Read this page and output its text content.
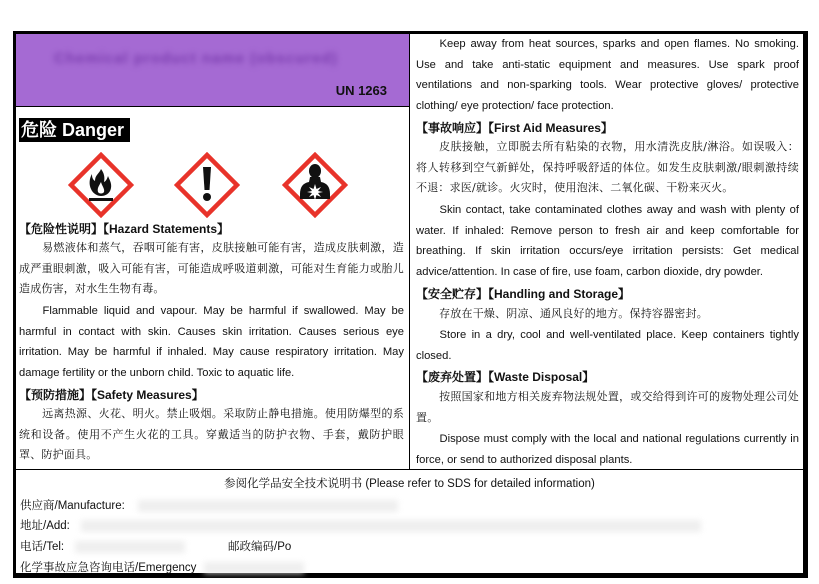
Chemical product name (obscured)
UN 1263
危险 Danger
【危险性说明】【Hazard Statements】
易燃液体和蒸气，吞咽可能有害，皮肤接触可能有害，造成皮肤刺激，造成严重眼刺激，吸入可能有害，可能造成呼吸道刺激，可能对生育能力或胎儿造成伤害，对水生生物有毒。
Flammable liquid and vapour. May be harmful if swallowed. May be harmful in contact with skin. Causes skin irritation. Causes serious eye irritation. May be harmful if inhaled. May cause respiratory irritation. May damage fertility or the unborn child. Toxic to aquatic life.
【预防措施】【Safety Measures】
远离热源、火花、明火。禁止吸烟。采取防止静电措施。使用防爆型的系统和设备。使用不产生火花的工具。穿戴适当的防护衣物、手套，戴防护眼罩、防护面具。
Keep away from heat sources, sparks and open flames. No smoking. Use and take anti-static equipment and measures. Use spark proof ventilations and non-sparking tools. Wear protective gloves/ protective clothing/ eye protection/ face protection.
【事故响应】【First Aid Measures】
皮肤接触，立即脱去所有粘染的衣物，用水清洗皮肤/淋浴。如误吸入：将人转移到空气新鲜处，保持呼吸舒适的体位。如发生皮肤刺激/眼刺激持续不退：求医/就诊。火灾时，使用泡沫、二氧化碳、干粉来灭火。
Skin contact, take contaminated clothes away and wash with plenty of water. If inhaled: Remove person to fresh air and keep comfortable for breathing. If skin irritation occurs/eye irritation persists: Get medical advice/attention. In case of fire, use foam, carbon dioxide, dry powder.
【安全贮存】【Handling and Storage】
存放在干燥、阴凉、通风良好的地方。保持容器密封。
Store in a dry, cool and well-ventilated place. Keep containers tightly closed.
【废弃处置】【Waste Disposal】
按照国家和地方相关废弃物法规处置，或交给得到许可的废物处理公司处置。
Dispose must comply with the local and national regulations currently in force, or send to authorized disposal plants.
参阅化学品安全技术说明书 (Please refer to SDS for detailed information)
供应商/Manufacture:
地址/Add:
电话/Tel:	邮政编码/Po
化学事故应急咨询电话/Emergency
